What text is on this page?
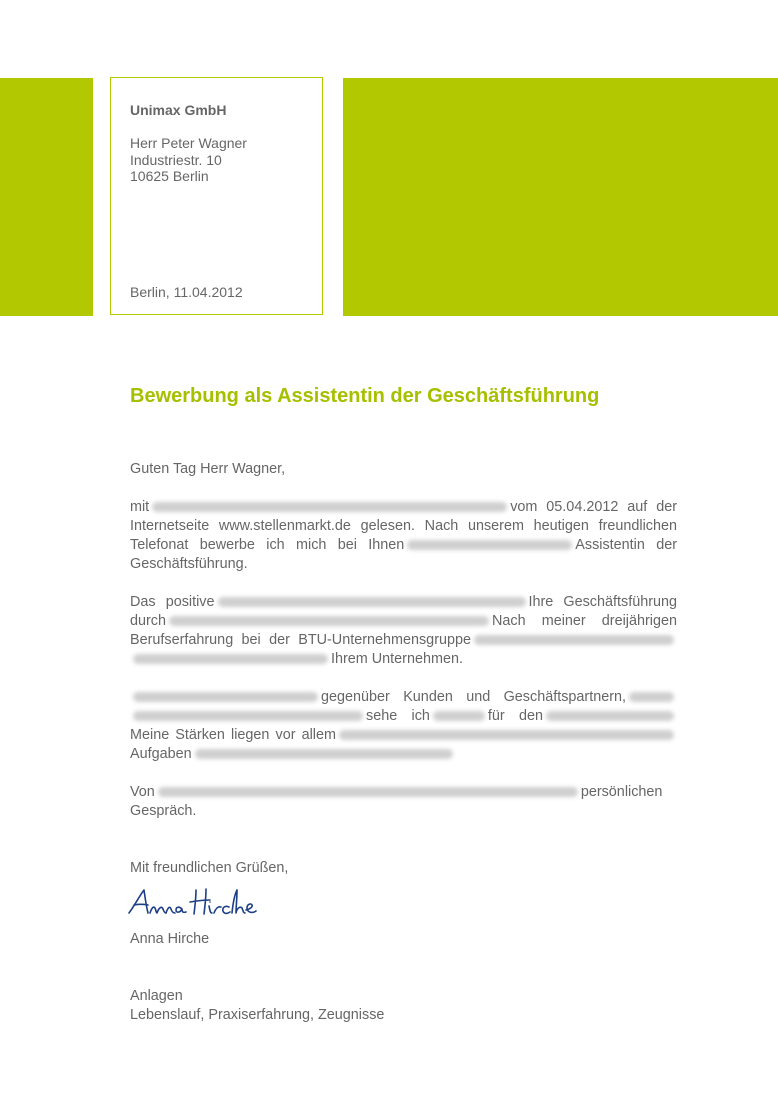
Unimax GmbH
Herr Peter Wagner
Industriestr. 10
10625 Berlin
Berlin, 11.04.2012
Bewerbung als Assistentin der Geschäftsführung
Guten Tag Herr Wagner,
mit	vom 05.04.2012 auf der Internetseite www.stellenmarkt.de gelesen. Nach unserem heutigen freundlichen Telefonat bewerbe ich mich bei Ihnen	Assistentin der Geschäftsführung.
Das positive	Ihre Geschäftsführung durch	Nach meiner dreijährigen Berufserfahrung bei der BTU-UnternehmensgruppeIhrem Unternehmen.
gegenüber Kunden und Geschäftspartnern,sehe ich	für denMeine Stärken liegen vor allemAufgaben
Von	persönlichen Gespräch.
Mit freundlichen Grüßen,
Anna Hirche
Anlagen
Lebenslauf, Praxiserfahrung, Zeugnisse
